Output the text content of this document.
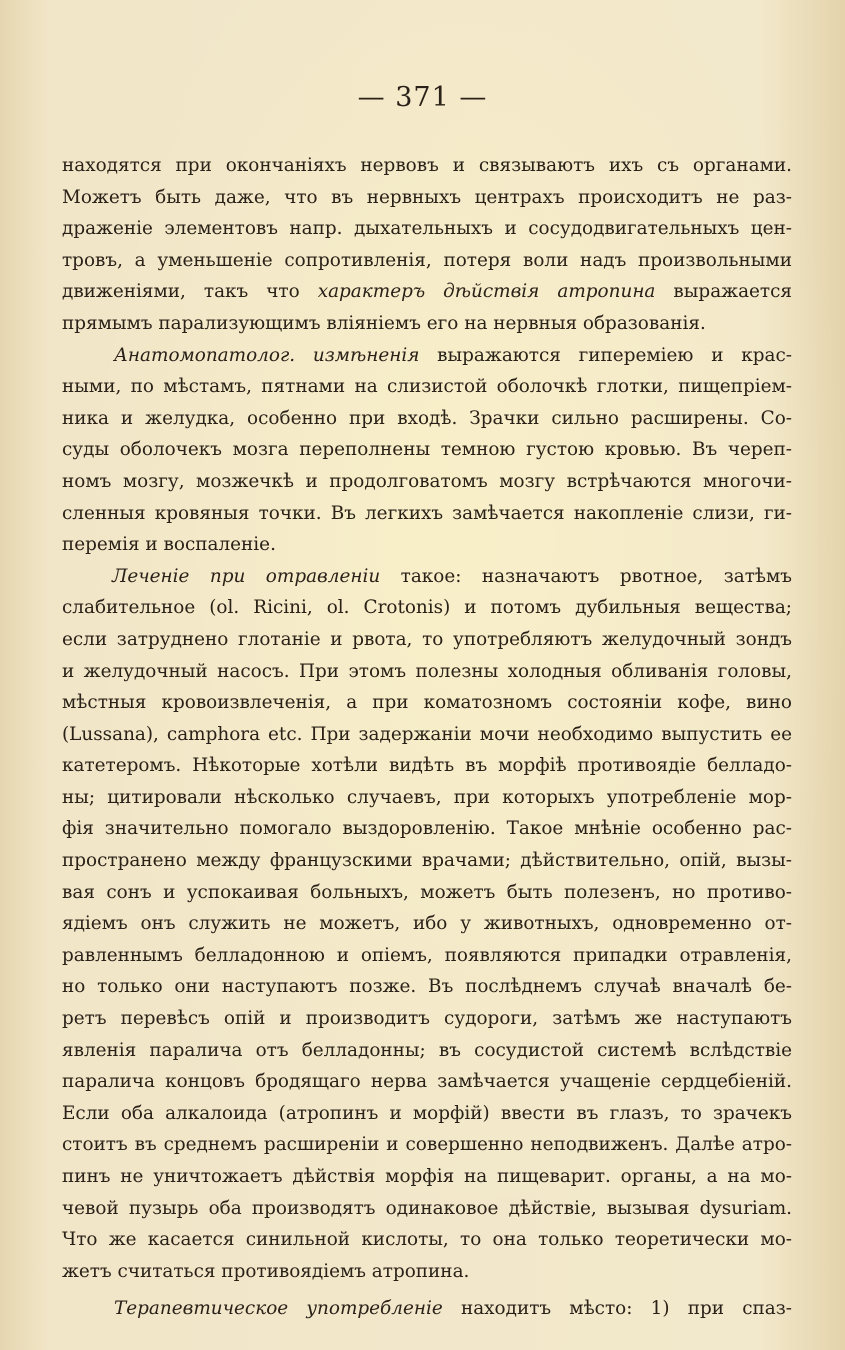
— 371 —
находятся при окончаніяхъ нервовъ и связываютъ ихъ съ органами.
Можетъ быть даже, что въ нервныхъ центрахъ происходитъ не раз-
драженіе элементовъ напр. дыхательныхъ и сосудодвигательныхъ цен-
тровъ, а уменьшеніе сопротивленія, потеря воли надъ произвольными
движеніями, такъ что характеръ дѣйствія атропина выражается
прямымъ парализующимъ вліяніемъ его на нервныя образованія.
Анатомопатолог. измѣненія выражаются гипереміею и крас-
ными, по мѣстамъ, пятнами на слизистой оболочкѣ глотки, пищепріем-
ника и желудка, особенно при входѣ. Зрачки сильно расширены. Со-
суды оболочекъ мозга переполнены темною густою кровью. Въ череп-
номъ мозгу, мозжечкѣ и продолговатомъ мозгу встрѣчаются многочи-
сленныя кровяныя точки. Въ легкихъ замѣчается накопленіе слизи, ги-
перемія и воспаленіе.
Леченіе при отравленіи такое: назначаютъ рвотное, затѣмъ
слабительное (ol. Ricini, ol. Crotonis) и потомъ дубильныя вещества;
если затруднено глотаніе и рвота, то употребляютъ желудочный зондъ
и желудочный насосъ. При этомъ полезны холодныя обливанія головы,
мѣстныя кровоизвлеченія, а при коматозномъ состояніи кофе, вино
(Lussana), camphora etc. При задержаніи мочи необходимо выпустить ее
катетеромъ. Нѣкоторые хотѣли видѣть въ морфіѣ противоядіе белладо-
ны; цитировали нѣсколько случаевъ, при которыхъ употребленіе мор-
фія значительно помогало выздоровленію. Такое мнѣніе особенно рас-
пространено между французскими врачами; дѣйствительно, опій, вызы-
вая сонъ и успокаивая больныхъ, можетъ быть полезенъ, но противо-
ядіемъ онъ служить не можетъ, ибо у животныхъ, одновременно от-
равленнымъ белладонною и опіемъ, появляются припадки отравленія,
но только они наступаютъ позже. Въ послѣднемъ случаѣ вначалѣ бе-
ретъ перевѣсъ опій и производитъ судороги, затѣмъ же наступаютъ
явленія паралича отъ белладонны; въ сосудистой системѣ вслѣдствіе
паралича концовъ бродящаго нерва замѣчается учащеніе сердцебіеній.
Если оба алкалоида (атропинъ и морфій) ввести въ глазъ, то зрачекъ
стоитъ въ среднемъ расширеніи и совершенно неподвиженъ. Далѣе атро-
пинъ не уничтожаетъ дѣйствія морфія на пищеварит. органы, а на мо-
чевой пузырь оба производятъ одинаковое дѣйствіе, вызывая dysuriam.
Что же касается синильной кислоты, то она только теоретически мо-
жетъ считаться противоядіемъ атропина.
Терапевтическое употребленіе находитъ мѣсто: 1) при спаз-
